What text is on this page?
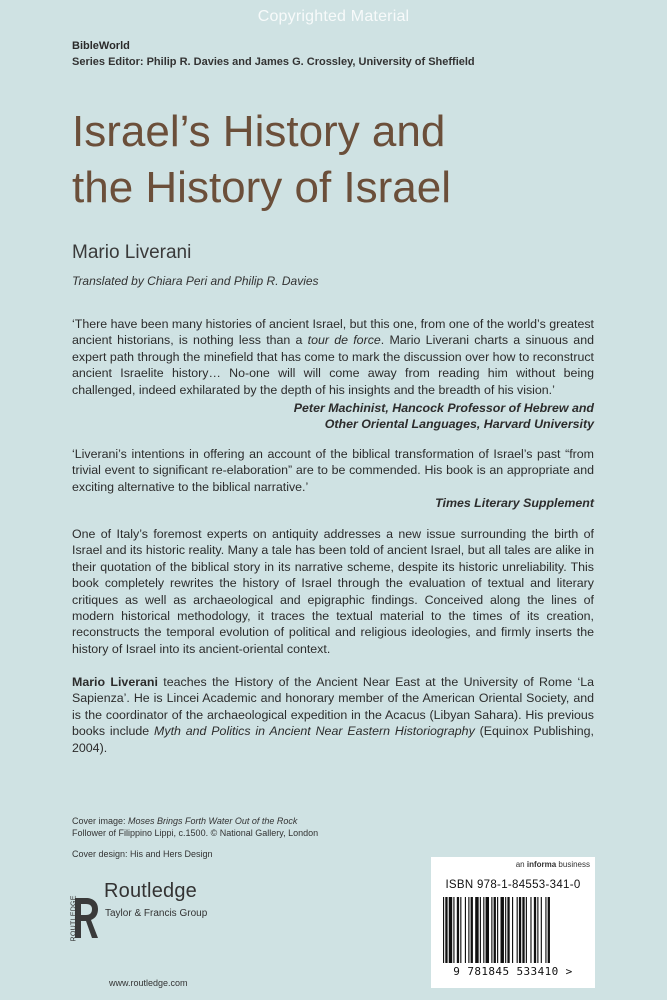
Copyrighted Material
BibleWorld
Series Editor: Philip R. Davies and James G. Crossley, University of Sheffield
Israel’s History and
the History of Israel
Mario Liverani
Translated by Chiara Peri and Philip R. Davies
‘There have been many histories of ancient Israel, but this one, from one of the world’s greatest ancient historians, is nothing less than a tour de force. Mario Liverani charts a sinuous and expert path through the minefield that has come to mark the discussion over how to reconstruct ancient Israelite history… No-one will will come away from reading him without being challenged, indeed exhilarated by the depth of his insights and the breadth of his vision.’
Peter Machinist, Hancock Professor of Hebrew and
Other Oriental Languages, Harvard University
‘Liverani’s intentions in offering an account of the biblical transformation of Israel’s past “from trivial event to significant re-elaboration” are to be commended. His book is an appropriate and exciting alternative to the biblical narrative.’
Times Literary Supplement
One of Italy’s foremost experts on antiquity addresses a new issue surrounding the birth of Israel and its historic reality. Many a tale has been told of ancient Israel, but all tales are alike in their quotation of the biblical story in its narrative scheme, despite its historic unreliability. This book completely rewrites the history of Israel through the evaluation of textual and literary critiques as well as archaeological and epigraphic findings. Conceived along the lines of modern historical methodology, it traces the textual material to the times of its creation, reconstructs the temporal evolution of political and religious ideologies, and firmly inserts the history of Israel into its ancient-oriental context.
Mario Liverani teaches the History of the Ancient Near East at the University of Rome ‘La Sapienza’. He is Lincei Academic and honorary member of the American Oriental Society, and is the coordinator of the archaeological expedition in the Acacus (Libyan Sahara). His previous books include Myth and Politics in Ancient Near Eastern Historiography (Equinox Publishing, 2004).
Cover image: Moses Brings Forth Water Out of the Rock
Follower of Filippino Lippi, c.1500. © National Gallery, London
Cover design: His and Hers Design
ROUTLEDGE
Routledge
Taylor & Francis Group
www.routledge.com
an informa business
ISBN 978-1-84553-341-0
9 781845 533410 >
